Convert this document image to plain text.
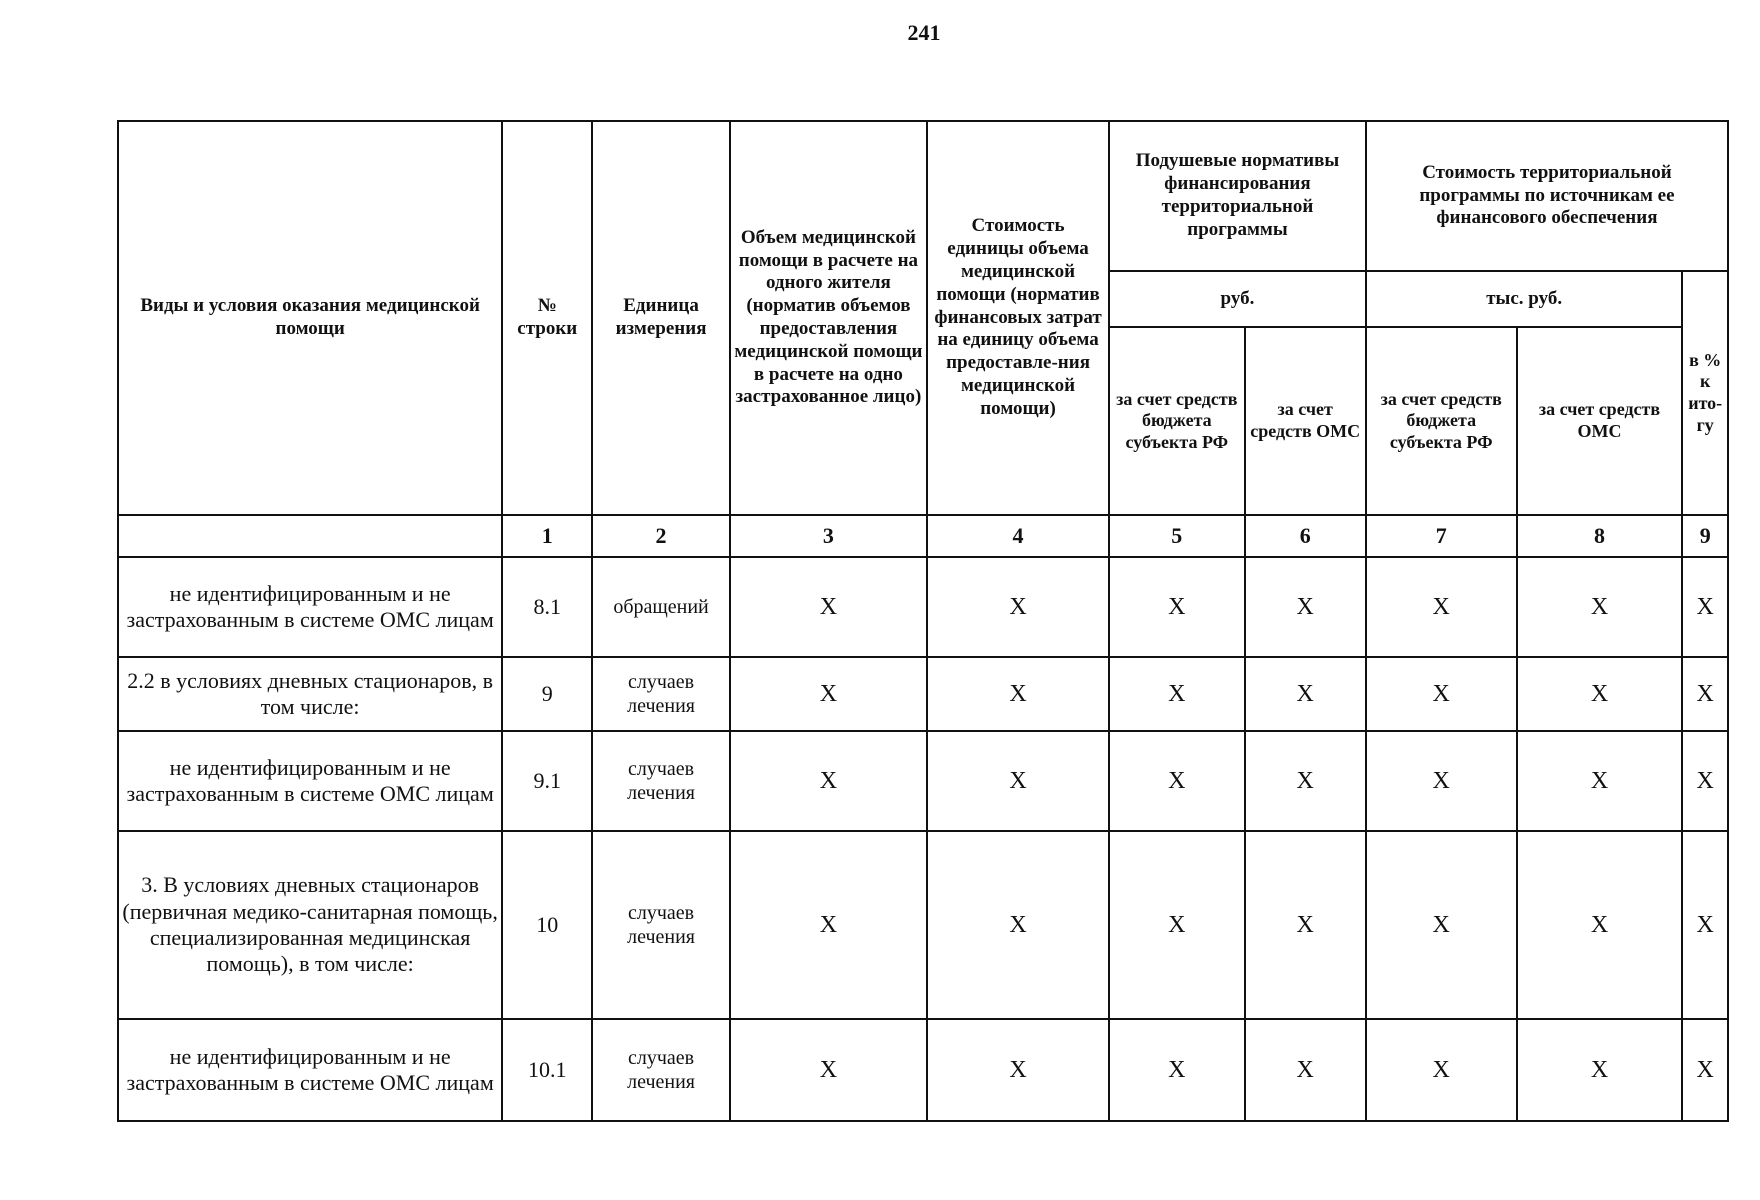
241
Виды и условия оказания медицинской помощи	№ строки	Единица измерения	Объем медицинской помощи в расчете на одного жителя (норматив объемов предоставления медицинской помощи в расчете на одно застрахованное лицо)	Стоимость единицы объема медицинской помощи (норматив финансовых затрат на единицу объема предоставле-ния медицинской помощи)	Подушевые нормативы финансирования территориальной программы		Стоимость территориальной программы по источникам ее финансового обеспечения		
					руб.		тыс. руб.		в % к ито-гу
					за счет средств бюджета субъекта РФ	за счет средств ОМС	за счет средств бюджета субъекта РФ	за счет средств ОМС	
	1	2	3	4	5	6	7	8	9
не идентифицированным и не застрахованным в системе ОМС лицам	8.1	обращений	X	X	X	X	X	X	X
2.2 в условиях дневных стационаров, в том числе:	9	случаев лечения	X	X	X	X	X	X	X
не идентифицированным и не застрахованным в системе ОМС лицам	9.1	случаев лечения	X	X	X	X	X	X	X
3. В условиях дневных стационаров (первичная медико-санитарная помощь, специализированная медицинская помощь), в том числе:	10	случаев лечения	X	X	X	X	X	X	X
не идентифицированным и не застрахованным в системе ОМС лицам	10.1	случаев лечения	X	X	X	X	X	X	X
